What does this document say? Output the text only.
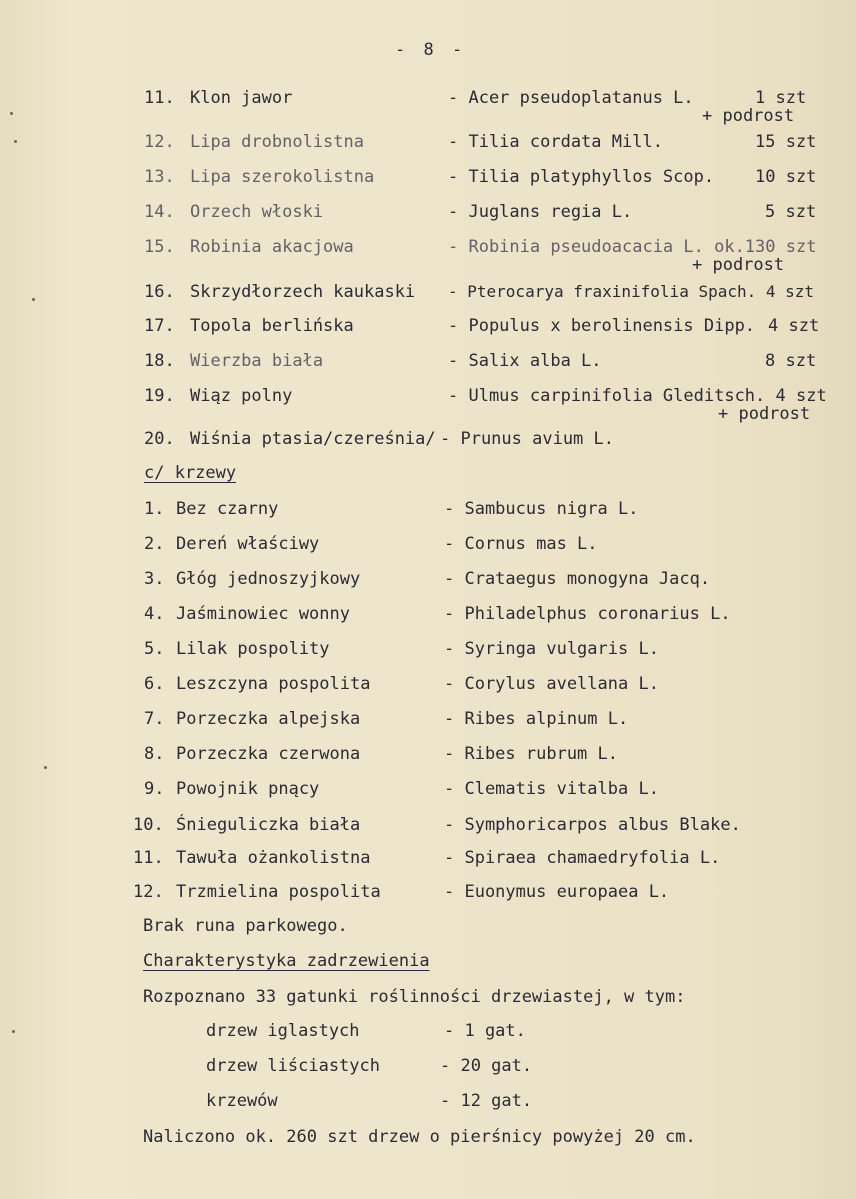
- 8 -
11. Klon jawor	- Acer pseudoplatanus L.	1 szt
+ podrost
12. Lipa drobnolistna	- Tilia cordata Mill.	15 szt
13. Lipa szerokolistna	- Tilia platyphyllos Scop. 10 szt
14. Orzech włoski	- Juglans regia L.	5 szt
15. Robinia akacjowa	- Robinia pseudoacacia L. ok.130 szt
+ podrost
16. Skrzydłorzech kaukaski - Pterocarya fraxinifolia Spach. 4 szt
17. Topola berlińska	- Populus x berolinensis Dipp. 4 szt
18. Wierzba biała	- Salix alba L.	8 szt
19. Wiąz polny	- Ulmus carpinifolia Gleditsch. 4 szt
+ podrost
20. Wiśnia ptasia/czereśnia/ - Prunus avium L.
c/ krzewy
1. Bez czarny	- Sambucus nigra L.
2. Dereń właściwy	- Cornus mas L.
3. Głóg jednoszyjkowy	- Crataegus monogyna Jacq.
4. Jaśminowiec wonny	- Philadelphus coronarius L.
5. Lilak pospolity	- Syringa vulgaris L.
6. Leszczyna pospolita	- Corylus avellana L.
7. Porzeczka alpejska	- Ribes alpinum L.
8. Porzeczka czerwona	- Ribes rubrum L.
9. Powojnik pnący	- Clematis vitalba L.
10. Śnieguliczka biała	- Symphoricarpos albus Blake.
11. Tawuła ożankolistna	- Spiraea chamaedryfolia L.
12. Trzmielina pospolita	- Euonymus europaea L.
Brak runa parkowego.
Charakterystyka zadrzewienia
Rozpoznano 33 gatunki roślinności drzewiastej, w tym:
drzew iglastych	- 1 gat.
drzew liściastych	- 20 gat.
krzewów	- 12 gat.
Naliczono ok. 260 szt drzew o pierśnicy powyżej 20 cm.
